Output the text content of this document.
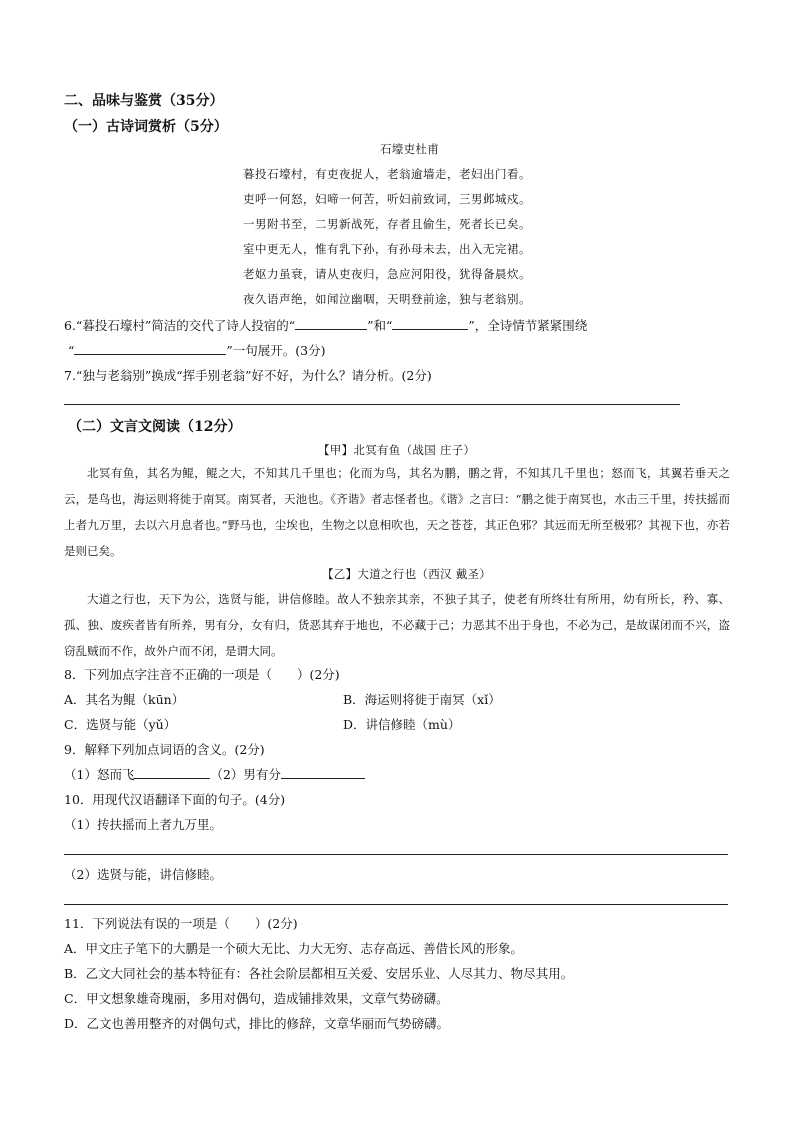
二、品味与鉴赏（35分）
（一）古诗词赏析（5分）
石壕吏杜甫
暮投石壕村，有吏夜捉人，老翁逾墙走，老妇出门看。
吏呼一何怒，妇啼一何苦，听妇前致词，三男邺城戍。
一男附书至，二男新战死，存者且偷生，死者长已矣。
室中更无人，惟有乳下孙，有孙母未去，出入无完裙。
老妪力虽衰，请从吏夜归，急应河阳役，犹得备晨炊。
夜久语声绝，如闻泣幽咽，天明登前途，独与老翁别。
6.“暮投石壕村”简洁的交代了诗人投宿的“	”和“	”，全诗情节紧紧围绕
“	”一句展开。(3分)
7.“独与老翁别”换成“挥手别老翁”好不好，为什么？请分析。(2分)
（二）文言文阅读（12分）
【甲】北冥有鱼（战国 庄子）
北冥有鱼，其名为鲲，鲲之大，不知其几千里也；化而为鸟，其名为鹏，鹏之背，不知其几千里也；怒而飞，其翼若垂天之云，是鸟也，海运则将徙于南冥。南冥者，天池也。《齐谐》者志怪者也。《谐》之言曰：“鹏之徙于南冥也，水击三千里，抟扶摇而上者九万里，去以六月息者也。”野马也，尘埃也，生物之以息相吹也，天之苍苍，其正色邪？其远而无所至极邪？其视下也，亦若是则已矣。
【乙】大道之行也（西汉 戴圣）
大道之行也，天下为公，选贤与能，讲信修睦。故人不独亲其亲，不独子其子，使老有所终壮有所用，幼有所长，矜、寡、孤、独、废疾者皆有所养，男有分，女有归，货恶其弃于地也，不必藏于己；力恶其不出于身也，不必为己，是故谋闭而不兴，盗窃乱贼而不作，故外户而不闭，是谓大同。
8．下列加点字注音不正确的一项是（　　）(2分)
A．其名为鲲（kūn）	B．海运则将徙于南冥（xǐ）
C．选贤与能（yǔ）	D．讲信修睦（mù）
9．解释下列加点词语的含义。(2分)
（1）怒而飞	（2）男有分
10．用现代汉语翻译下面的句子。(4分)
（1）抟扶摇而上者九万里。
（2）选贤与能，讲信修睦。
11．下列说法有误的一项是（　　）(2分)
A．甲文庄子笔下的大鹏是一个硕大无比、力大无穷、志存高远、善借长风的形象。
B．乙文大同社会的基本特征有：各社会阶层都相互关爱、安居乐业、人尽其力、物尽其用。
C．甲文想象雄奇瑰丽，多用对偶句，造成铺排效果，文章气势磅礴。
D．乙文也善用整齐的对偶句式，排比的修辞，文章华丽而气势磅礴。
